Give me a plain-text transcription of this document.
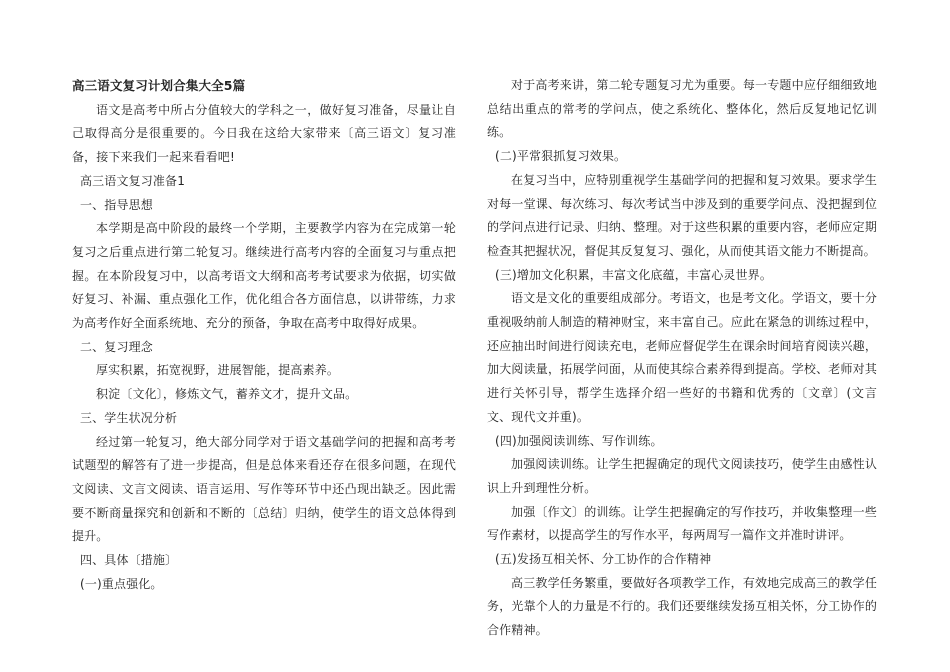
高三语文复习计划合集大全5篇
语文是高考中所占分值较大的学科之一，做好复习准备，尽量让自己取得高分是很重要的。今日我在这给大家带来〔高三语文〕复习准备，接下来我们一起来看看吧!
高三语文复习准备1
一、指导思想
本学期是高中阶段的最终一个学期，主要教学内容为在完成第一轮复习之后重点进行第二轮复习。继续进行高考内容的全面复习与重点把握。在本阶段复习中，以高考语文大纲和高考考试要求为依据，切实做好复习、补漏、重点强化工作，优化组合各方面信息，以讲带练，力求为高考作好全面系统地、充分的预备，争取在高考中取得好成果。
二、复习理念
厚实积累，拓宽视野，进展智能，提高素养。
积淀〔文化〕，修炼文气，蓄养文才，提升文品。
三、学生状况分析
经过第一轮复习，绝大部分同学对于语文基础学问的把握和高考考试题型的解答有了进一步提高，但是总体来看还存在很多问题，在现代文阅读、文言文阅读、语言运用、写作等环节中还凸现出缺乏。因此需要不断商量探究和创新和不断的〔总结〕归纳，使学生的语文总体得到提升。
四、具体〔措施〕
(一)重点强化。
对于高考来讲，第二轮专题复习尤为重要。每一专题中应仔细细致地总结出重点的常考的学问点，使之系统化、整体化，然后反复地记忆训练。
(二)平常狠抓复习效果。
在复习当中，应特别重视学生基础学问的把握和复习效果。要求学生对每一堂课、每次练习、每次考试当中涉及到的重要学问点、没把握到位的学问点进行记录、归纳、整理。对于这些积累的重要内容，老师应定期检查其把握状况，督促其反复复习、强化，从而使其语文能力不断提高。
(三)增加文化积累，丰富文化底蕴，丰富心灵世界。
语文是文化的重要组成部分。考语文，也是考文化。学语文，要十分重视吸纳前人制造的精神财宝，来丰富自己。应此在紧急的训练过程中，还应抽出时间进行阅读充电，老师应督促学生在课余时间培育阅读兴趣，加大阅读量，拓展学问面，从而使其综合素养得到提高。学校、老师对其进行关怀引导，帮学生选择介绍一些好的书籍和优秀的〔文章〕(文言文、现代文并重)。
(四)加强阅读训练、写作训练。
加强阅读训练。让学生把握确定的现代文阅读技巧，使学生由感性认识上升到理性分析。
加强〔作文〕的训练。让学生把握确定的写作技巧，并收集整理一些写作素材，以提高学生的写作水平，每两周写一篇作文并准时讲评。
(五)发扬互相关怀、分工协作的合作精神
高三教学任务繁重，要做好各项教学工作，有效地完成高三的教学任务，光靠个人的力量是不行的。我们还要继续发扬互相关怀，分工协作的合作精神。
